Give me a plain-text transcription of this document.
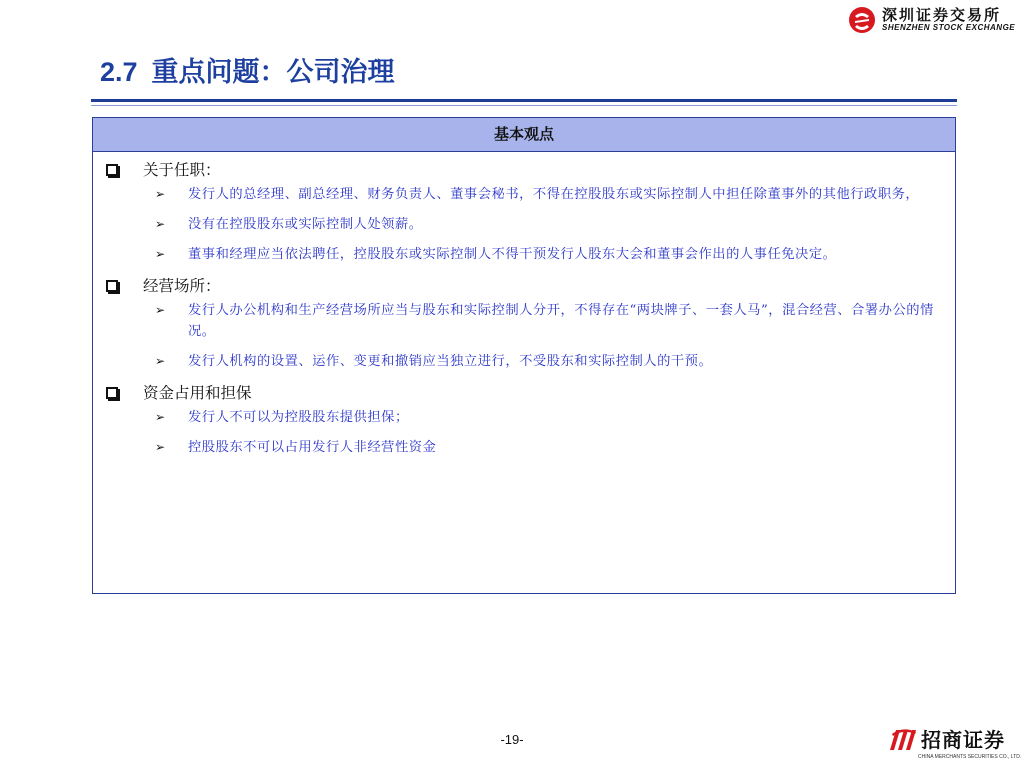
深圳证券交易所
SHENZHEN STOCK EXCHANGE
2.7 重点问题：公司治理
基本观点
关于任职：
➢ 发行人的总经理、副总经理、财务负责人、董事会秘书，不得在控股股东或实际控制人中担任除董事外的其他行政职务，
➢ 没有在控股股东或实际控制人处领薪。
➢ 董事和经理应当依法聘任，控股股东或实际控制人不得干预发行人股东大会和董事会作出的人事任免决定。
经营场所：
➢ 发行人办公机构和生产经营场所应当与股东和实际控制人分开，不得存在“两块牌子、一套人马”，混合经营、合署办公的情况。
➢ 发行人机构的设置、运作、变更和撤销应当独立进行，不受股东和实际控制人的干预。
资金占用和担保
➢ 发行人不可以为控股股东提供担保；
➢ 控股股东不可以占用发行人非经营性资金
-19-	招商证券
CHINA MERCHANTS SECURITIES CO., LTD.
